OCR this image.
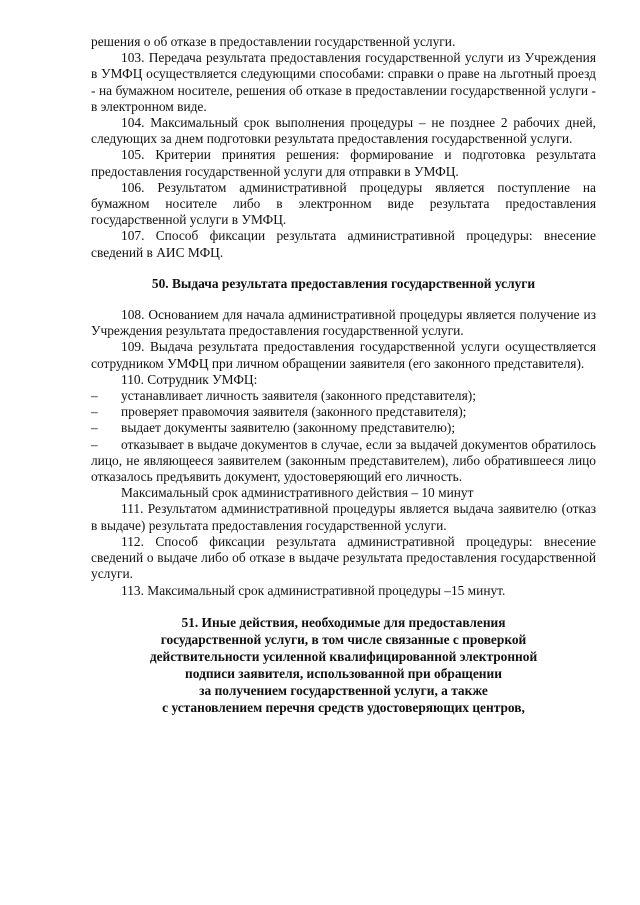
решения о об отказе в предоставлении государственной услуги.

103. Передача результата предоставления государственной услуги из Учреждения в УМФЦ осуществляется следующими способами: справки о праве на льготный проезд - на бумажном носителе, решения об отказе в предоставлении государственной услуги - в электронном виде.

104. Максимальный срок выполнения процедуры – не позднее 2 рабочих дней, следующих за днем подготовки результата предоставления государственной услуги.

105. Критерии принятия решения: формирование и подготовка результата предоставления государственной услуги для отправки в УМФЦ.

106. Результатом административной процедуры является поступление на бумажном носителе либо в электронном виде результата предоставления государственной услуги в УМФЦ.

107. Способ фиксации результата административной процедуры: внесение сведений в АИС МФЦ.

50. Выдача результата предоставления государственной услуги

108. Основанием для начала административной процедуры является получение из Учреждения результата предоставления государственной услуги.

109. Выдача результата предоставления государственной услуги осуществляется сотрудником УМФЦ при личном обращении заявителя (его законного представителя).

110. Сотрудник УМФЦ:

– устанавливает личность заявителя (законного представителя);

– проверяет правомочия заявителя (законного представителя);

– выдает документы заявителю (законному представителю);

– отказывает в выдаче документов в случае, если за выдачей документов обратилось лицо, не являющееся заявителем (законным представителем), либо обратившееся лицо отказалось предъявить документ, удостоверяющий его личность.

Максимальный срок административного действия – 10 минут

111. Результатом административной процедуры является выдача заявителю (отказ в выдаче) результата предоставления государственной услуги.

112. Способ фиксации результата административной процедуры: внесение сведений о выдаче либо об отказе в выдаче результата предоставления государственной услуги.

113. Максимальный срок административной процедуры –15 минут.

51. Иные действия, необходимые для предоставления
государственной услуги, в том числе связанные с проверкой
действительности усиленной квалифицированной электронной
подписи заявителя, использованной при обращении
за получением государственной услуги, а также
с установлением перечня средств удостоверяющих центров,
